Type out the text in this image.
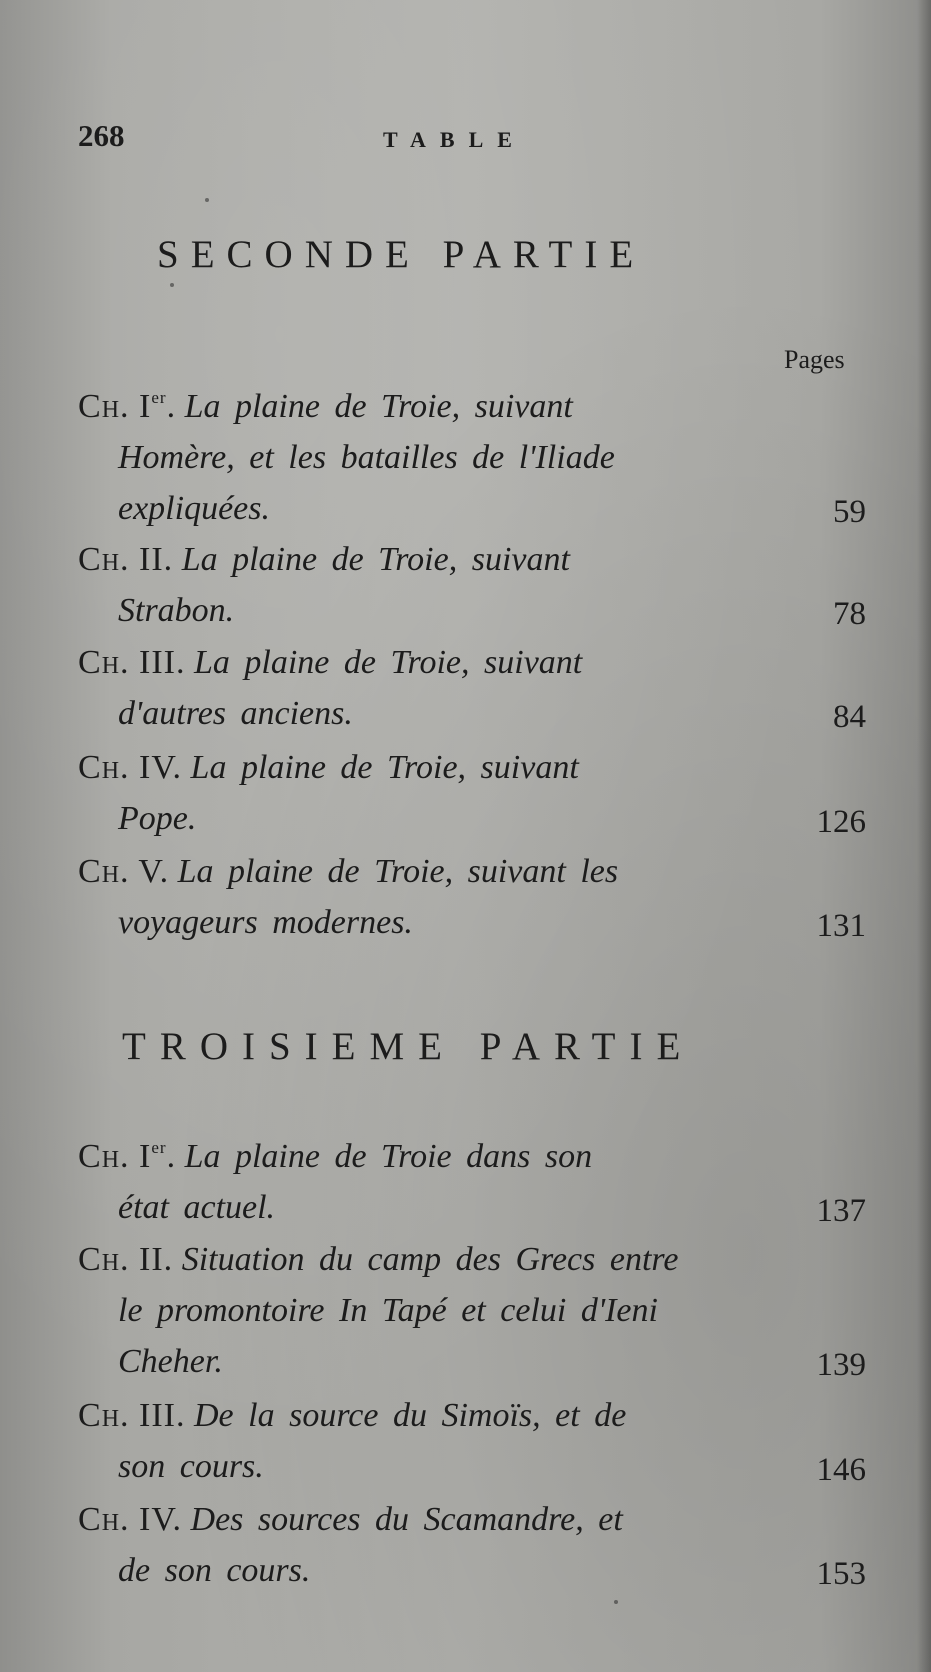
268	TABLE
SECONDE PARTIE
Pages
CH. Ier. La plaine de Troie, suivant
Homère, et les batailles de l'Iliade
expliquées.	59
CH. II. La plaine de Troie, suivant
Strabon.	78
CH. III. La plaine de Troie, suivant
d'autres anciens.	84
CH. IV. La plaine de Troie, suivant
Pope.	126
CH. V. La plaine de Troie, suivant les
voyageurs modernes.	131
TROISIEME PARTIE
CH. Ier. La plaine de Troie dans son
état actuel.	137
CH. II. Situation du camp des Grecs entre
le promontoire In Tapé et celui d'Ieni
Cheher.	139
CH. III. De la source du Simoïs, et de
son cours.	146
CH. IV. Des sources du Scamandre, et
de son cours.	153
